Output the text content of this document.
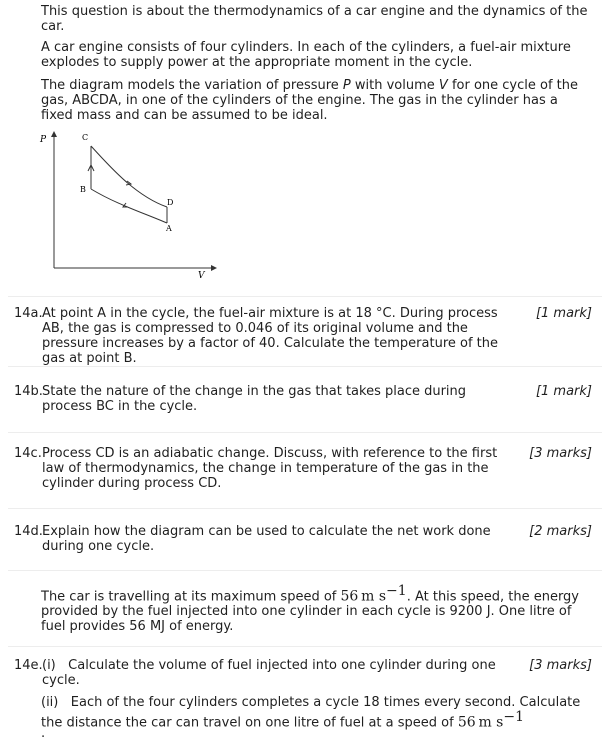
This question is about the thermodynamics of a car engine and the dynamics of the car.
A car engine consists of four cylinders. In each of the cylinders, a fuel-air mixture explodes to supply power at the appropriate moment in the cycle.
The diagram models the variation of pressure P with volume V for one cycle of the gas, ABCDA, in one of the cylinders of the engine. The gas in the cylinder has a fixed mass and can be assumed to be ideal.
P
V
C
B
D
A
14a. At point A in the cycle, the fuel-air mixture is at 18 °C. During process AB, the gas is compressed to 0.046 of its original volume and the pressure increases by a factor of 40. Calculate the temperature of the gas at point B.
[1 mark]
14b. State the nature of the change in the gas that takes place during process BC in the cycle.
[1 mark]
14c. Process CD is an adiabatic change. Discuss, with reference to the first law of thermodynamics, the change in temperature of the gas in the cylinder during process CD.
[3 marks]
14d. Explain how the diagram can be used to calculate the net work done during one cycle.
[2 marks]
The car is travelling at its maximum speed of 56  m $s^{-1}$. At this speed, the energy provided by the fuel injected into one cylinder in each cycle is 9200 J. One litre of fuel provides 56 MJ of energy.
14e. (i) Calculate the volume of fuel injected into one cylinder during one cycle.
[3 marks]
(ii) Each of the four cylinders completes a cycle 18 times every second. Calculate the distance the car can travel on one litre of fuel at a speed of 56  m $s^{-1}$
.
